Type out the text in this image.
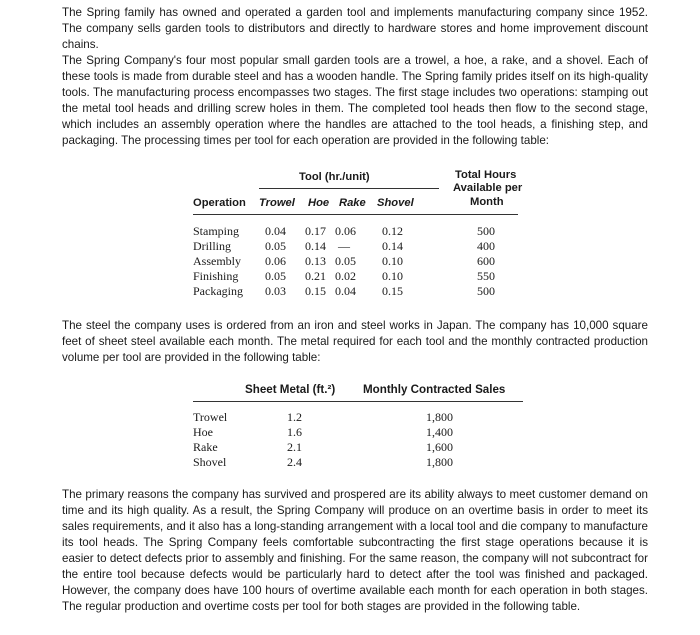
The Spring family has owned and operated a garden tool and implements manufacturing company since 1952. The company sells garden tools to distributors and directly to hardware stores and home improvement discount chains.

The Spring Company's four most popular small garden tools are a trowel, a hoe, a rake, and a shovel. Each of these tools is made from durable steel and has a wooden handle. The Spring family prides itself on its high-quality tools. The manufacturing process encompasses two stages. The first stage includes two operations: stamping out the metal tool heads and drilling screw holes in them. The completed tool heads then flow to the second stage, which includes an assembly operation where the handles are attached to the tool heads, a finishing step, and packaging. The processing times per tool for each operation are provided in the following table:

Tool (hr./unit)	Total Hours
Available per
Month
Operation Trowel Hoe Rake Shovel
Stamping 0.04 0.17 0.06 0.12	500
Drilling	0.05 0.14 —	0.14	400
Assembly 0.06 0.13 0.05 0.10	600
Finishing 0.05 0.21 0.02 0.10	550
Packaging 0.03 0.15 0.04 0.15	500

The steel the company uses is ordered from an iron and steel works in Japan. The company has 10,000 square feet of sheet steel available each month. The metal required for each tool and the monthly contracted production volume per tool are provided in the following table:

Sheet Metal (ft.²) Monthly Contracted Sales
Trowel	1.2	1,800
Hoe	1.6	1,400
Rake	2.1	1,600
Shovel	2.4	1,800

The primary reasons the company has survived and prospered are its ability always to meet customer demand on time and its high quality. As a result, the Spring Company will produce on an overtime basis in order to meet its sales requirements, and it also has a long-standing arrangement with a local tool and die company to manufacture its tool heads. The Spring Company feels comfortable subcontracting the first stage operations because it is easier to detect defects prior to assembly and finishing. For the same reason, the company will not subcontract for the entire tool because defects would be particularly hard to detect after the tool was finished and packaged. However, the company does have 100 hours of overtime available each month for each operation in both stages. The regular production and overtime costs per tool for both stages are provided in the following table.
